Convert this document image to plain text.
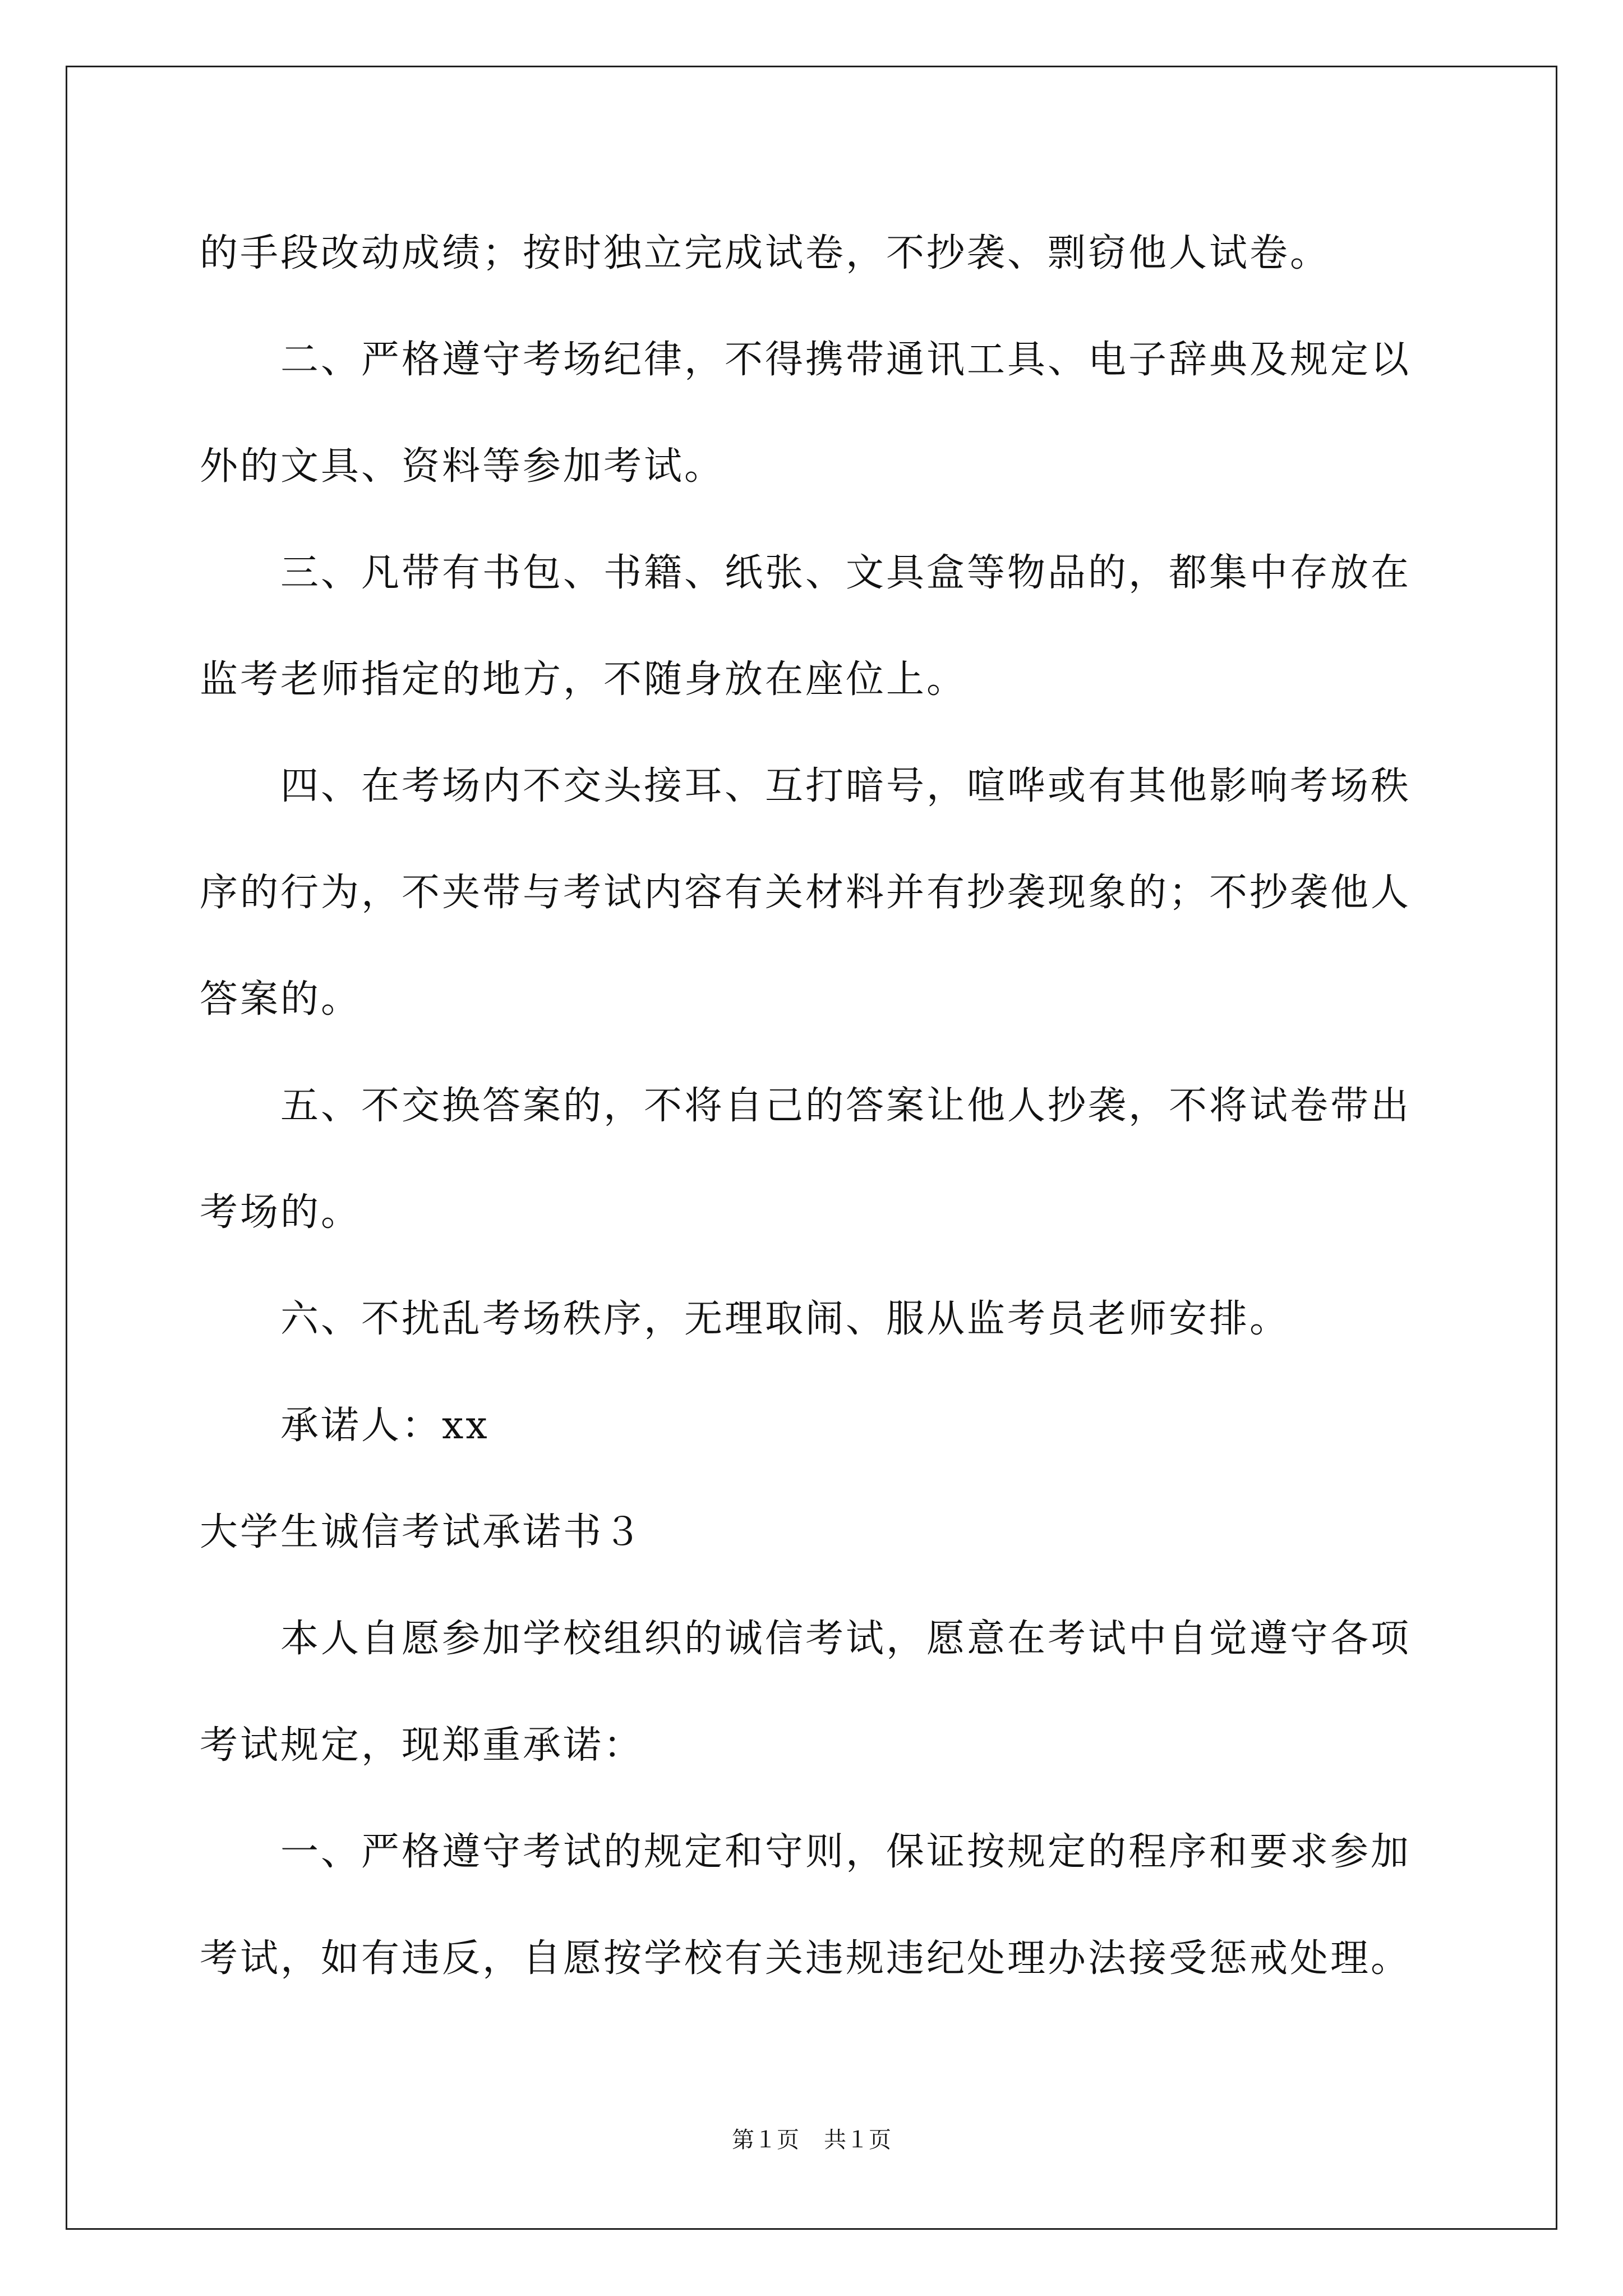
的手段改动成绩；按时独立完成试卷，不抄袭、剽窃他人试卷。
二、严格遵守考场纪律，不得携带通讯工具、电子辞典及规定以
外的文具、资料等参加考试。
三、凡带有书包、书籍、纸张、文具盒等物品的，都集中存放在
监考老师指定的地方，不随身放在座位上。
四、在考场内不交头接耳、互打暗号，喧哗或有其他影响考场秩
序的行为，不夹带与考试内容有关材料并有抄袭现象的；不抄袭他人
答案的。
五、不交换答案的，不将自己的答案让他人抄袭，不将试卷带出
考场的。
六、不扰乱考场秩序，无理取闹、服从监考员老师安排。
承诺人：xx
大学生诚信考试承诺书３
本人自愿参加学校组织的诚信考试，愿意在考试中自觉遵守各项
考试规定，现郑重承诺：
一、严格遵守考试的规定和守则，保证按规定的程序和要求参加
考试，如有违反，自愿按学校有关违规违纪处理办法接受惩戒处理。
第１页 共１页
